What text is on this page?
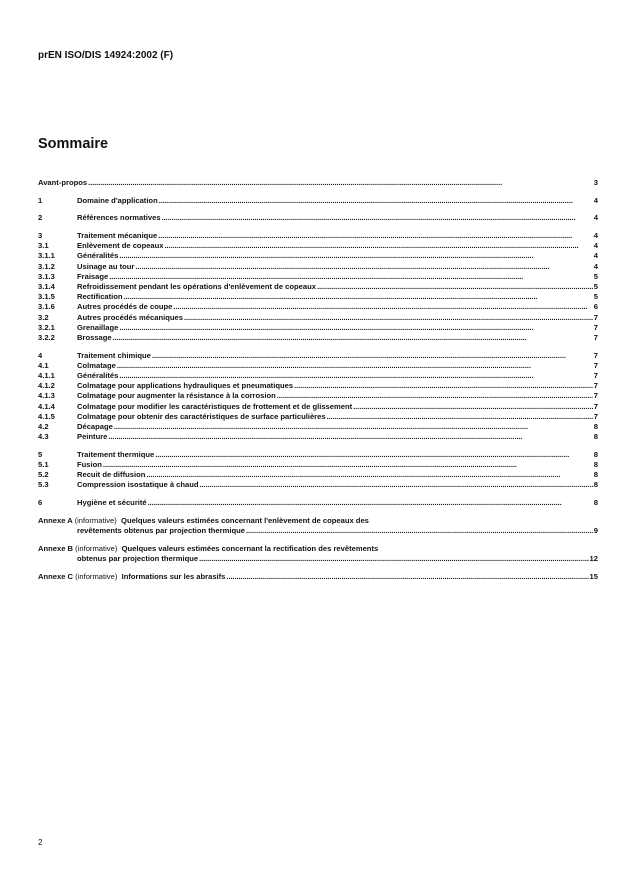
prEN ISO/DIS 14924:2002 (F)
Sommaire
Avant-propos . . .	3
1	Domaine d'application . . .	4
2	Références normatives . . .	4
3	Traitement mécanique . . .	4
3.1	Enlèvement de copeaux . . .	4
3.1.1	Généralités . . .	4
3.1.2	Usinage au tour . . .	4
3.1.3	Fraisage . . .	5
3.1.4	Refroidissement pendant les opérations d'enlèvement de copeaux . . .	5
3.1.5	Rectification . . .	5
3.1.6	Autres procédés de coupe . . .	6
3.2	Autres procédés mécaniques . . .	7
3.2.1	Grenaillage . . .	7
3.2.2	Brossage . . .	7
4	Traitement chimique . . .	7
4.1	Colmatage . . .	7
4.1.1	Généralités . . .	7
4.1.2	Colmatage pour applications hydrauliques et pneumatiques . . .	7
4.1.3	Colmatage pour augmenter la résistance à la corrosion . . .	7
4.1.4	Colmatage pour modifier les caractéristiques de frottement et de glissement . . .	7
4.1.5	Colmatage pour obtenir des caractéristiques de surface particulières . . .	7
4.2	Décapage . . .	8
4.3	Peinture . . .	8
5	Traitement thermique . . .	8
5.1	Fusion . . .	8
5.2	Recuit de diffusion . . .	8
5.3	Compression isostatique à chaud . . .	8
6	Hygiène et sécurité . . .	8
Annexe A (informative) Quelques valeurs estimées concernant l'enlèvement de copeaux des
revêtements obtenus par projection thermique . . .	9
Annexe B (informative) Quelques valeurs estimées concernant la rectification des revêtements
obtenus par projection thermique . . .	12
Annexe C (informative) Informations sur les abrasifs . . .	15
2
